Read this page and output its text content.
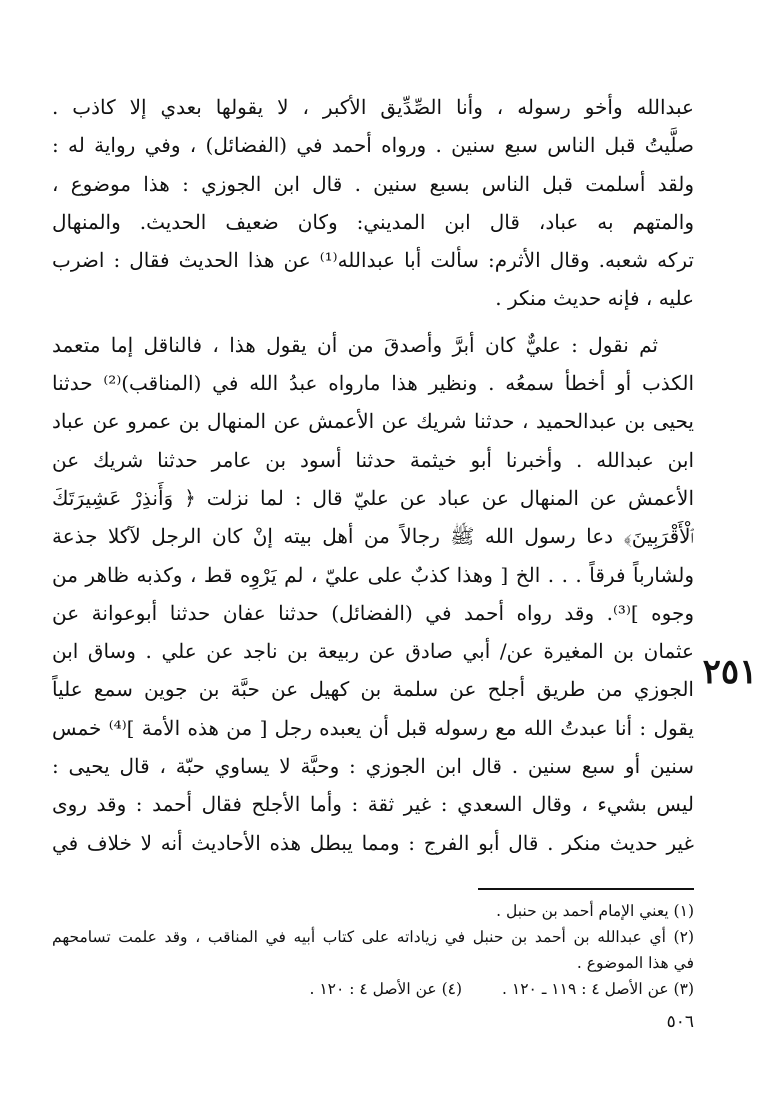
عبدالله وأخو رسوله ، وأنا الصِّدِّيق الأكبر ، لا يقولها بعدي إلا كاذب .
صلَّيتُ قبل الناس سبع سنين . ورواه أحمد في (الفضائل) ، وفي رواية له :
ولقد أسلمت قبل الناس بسبع سنين . قال ابن الجوزي : هذا موضوع ،
والمتهم به عباد، قال ابن المديني: وكان ضعيف الحديث. والمنهال
تركه شعبه. وقال الأثرم: سألت أبا عبدالله⁽¹⁾ عن هذا الحديث فقال : اضرب
عليه ، فإنه حديث منكر .
ثم نقول : عليٌّ كان أبرَّ وأصدقَ من أن يقول هذا ، فالناقل إما متعمد
الكذب أو أخطأ سمعُه . ونظير هذا مارواه عبدُ الله في (المناقب)⁽²⁾ حدثنا
يحيى بن عبدالحميد ، حدثنا شريك عن الأعمش عن المنهال بن عمرو عن عباد
ابن عبدالله . وأخبرنا أبو خيثمة حدثنا أسود بن عامر حدثنا شريك عن
الأعمش عن المنهال عن عباد عن عليّ قال : لما نزلت ﴿ وَأَنذِرْ عَشِيرَتَكَ
ٱلْأَقْرَبِينَ﴾ دعا رسول الله ﷺ رجالاً من أهل بيته إنْ كان الرجل لآكلا جذعة
ولشارباً فرقاً . . . الخ [ وهذا كذبٌ على عليّ ، لم يَرْوِه قط ، وكذبه ظاهر من
وجوه ]⁽³⁾. وقد رواه أحمد في (الفضائل) حدثنا عفان حدثنا أبوعوانة عن
عثمان بن المغيرة عن/ أبي صادق عن ربيعة بن ناجد عن علي . وساق ابن
الجوزي من طريق أجلح عن سلمة بن كهيل عن حبَّة بن جوين سمع علياً
يقول : أنا عبدتُ الله مع رسوله قبل أن يعبده رجل [ من هذه الأمة ]⁽⁴⁾ خمس
سنين أو سبع سنين . قال ابن الجوزي : وحبَّة لا يساوي حبّة ، قال يحيى :
ليس بشيء ، وقال السعدي : غير ثقة : وأما الأجلح فقال أحمد : وقد روى
غير حديث منكر . قال أبو الفرج : ومما يبطل هذه الأحاديث أنه لا خلاف في
٢٥١
(١) يعني الإمام أحمد بن حنبل .
(٢) أي عبدالله بن أحمد بن حنبل في زياداته على كتاب أبيه في المناقب ، وقد علمت تسامحهم
في هذا الموضوع .
(٣) عن الأصل ٤ : ١١٩ ـ ١٢٠ .(٤) عن الأصل ٤ : ١٢٠ .
٥٠٦
